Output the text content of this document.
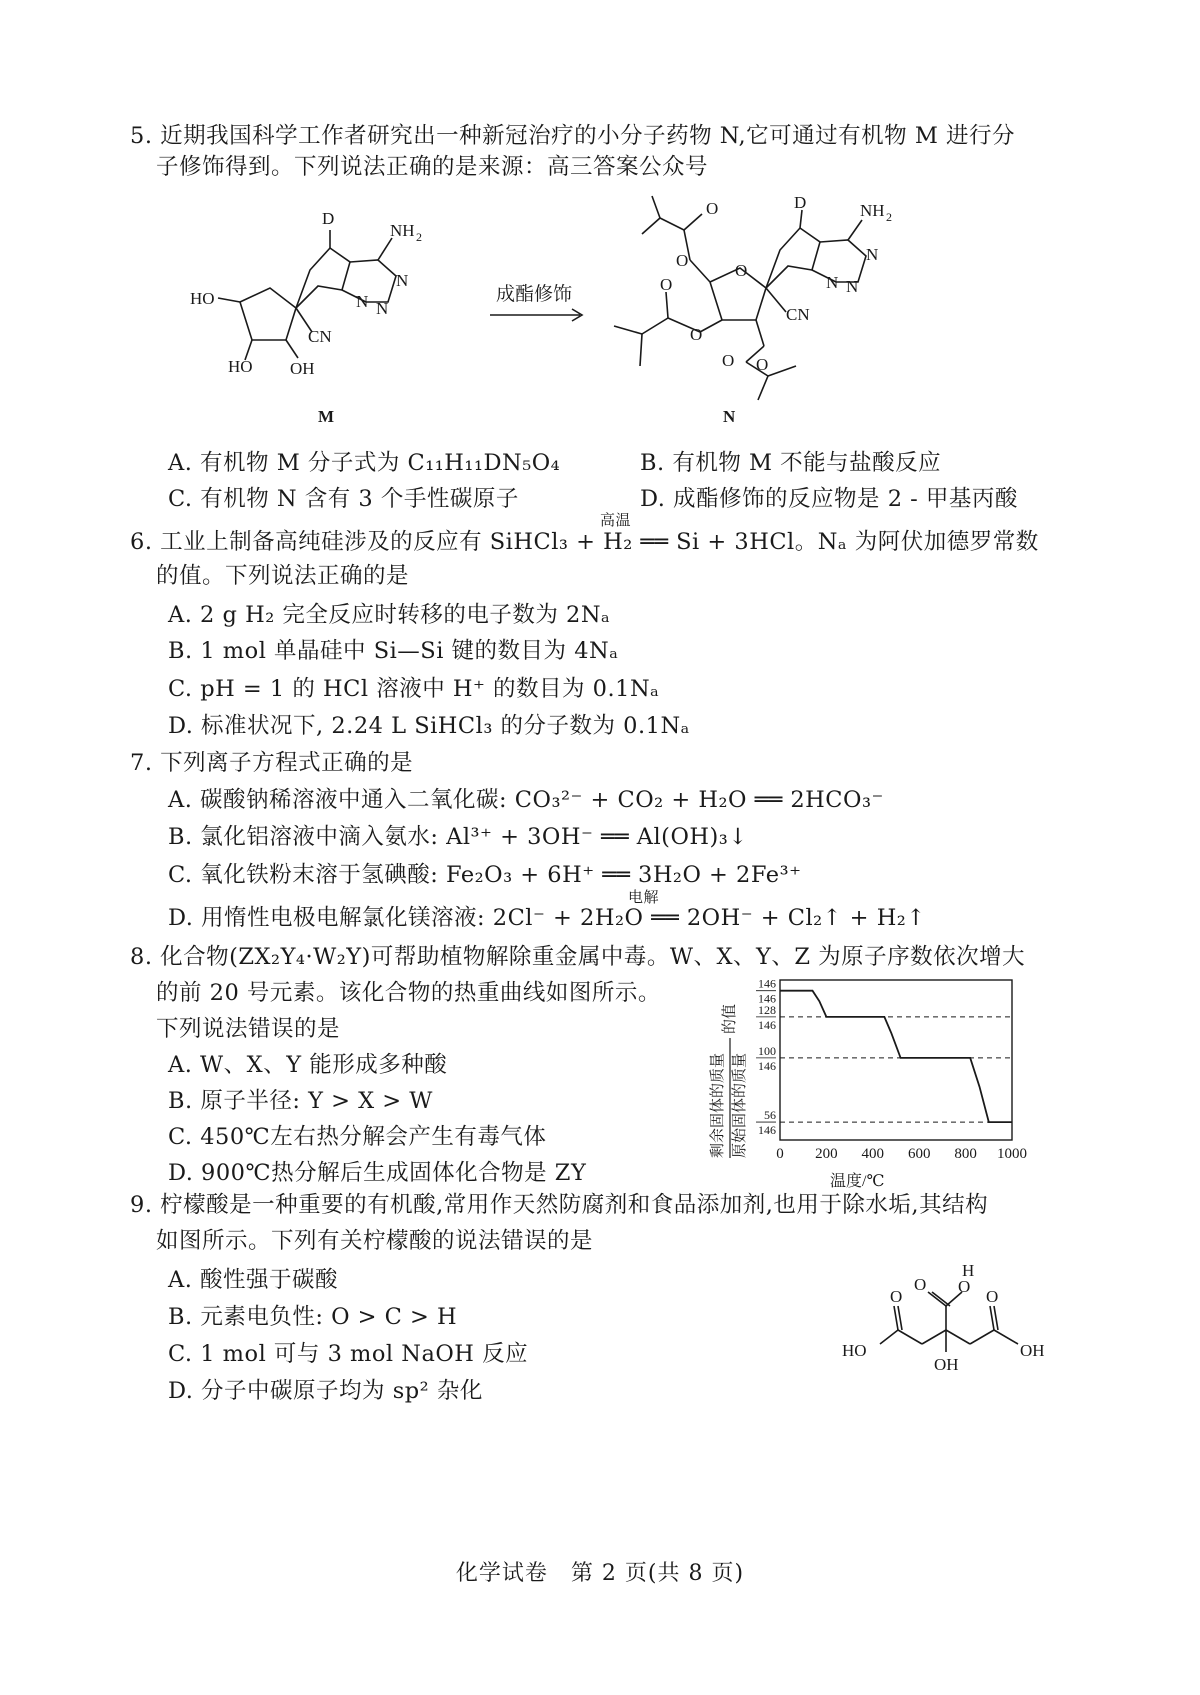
5. 近期我国科学工作者研究出一种新冠治疗的小分子药物 N,它可通过有机物 M 进行分
子修饰得到。下列说法正确的是来源：高三答案公众号
HO
HO OH
CN
D
NH 2
N
N
N
成酯修饰
O
O
O
O
O O
O
CN
D	NH 2
N
N
N
M	N
A. 有机物 M 分子式为 C₁₁H₁₁DN₅O₄	B. 有机物 M 不能与盐酸反应
C. 有机物 N 含有 3 个手性碳原子	D. 成酯修饰的反应物是 2 - 甲基丙酸
高温
6. 工业上制备高纯硅涉及的反应有 SiHCl₃ + H₂ ══ Si + 3HCl。Nₐ 为阿伏加德罗常数
的值。下列说法正确的是
A. 2 g H₂ 完全反应时转移的电子数为 2Nₐ
B. 1 mol 单晶硅中 Si—Si 键的数目为 4Nₐ
C. pH = 1 的 HCl 溶液中 H⁺ 的数目为 0.1Nₐ
D. 标准状况下, 2.24 L SiHCl₃ 的分子数为 0.1Nₐ
7. 下列离子方程式正确的是
A. 碳酸钠稀溶液中通入二氧化碳: CO₃²⁻ + CO₂ + H₂O ══ 2HCO₃⁻
B. 氯化铝溶液中滴入氨水: Al³⁺ + 3OH⁻ ══ Al(OH)₃↓
C. 氧化铁粉末溶于氢碘酸: Fe₂O₃ + 6H⁺ ══ 3H₂O + 2Fe³⁺
电解
D. 用惰性电极电解氯化镁溶液: 2Cl⁻ + 2H₂O ══ 2OH⁻ + Cl₂↑ + H₂↑
8. 化合物(ZX₂Y₄·W₂Y)可帮助植物解除重金属中毒。W、X、Y、Z 为原子序数依次增大
的前 20 号元素。该化合物的热重曲线如图所示。
下列说法错误的是
A. W、X、Y 能形成多种酸
B. 原子半径: Y > X > W
C. 450℃左右热分解会产生有毒气体
D. 900℃热分解后生成固体化合物是 ZY
剩余固体的质量 原始固体的质量
的值
146
146
128
146
100
146
56
146
0 200 400 600 800 1000
温度/℃
9. 柠檬酸是一种重要的有机酸,常用作天然防腐剂和食品添加剂,也用于除水垢,其结构
如图所示。下列有关柠檬酸的说法错误的是
A. 酸性强于碳酸
B. 元素电负性: O > C > H
C. 1 mol 可与 3 mol NaOH 反应
D. 分子中碳原子均为 sp² 杂化
O O
H
O	O
HO	OH
OH
化学试卷　第 2 页(共 8 页)
